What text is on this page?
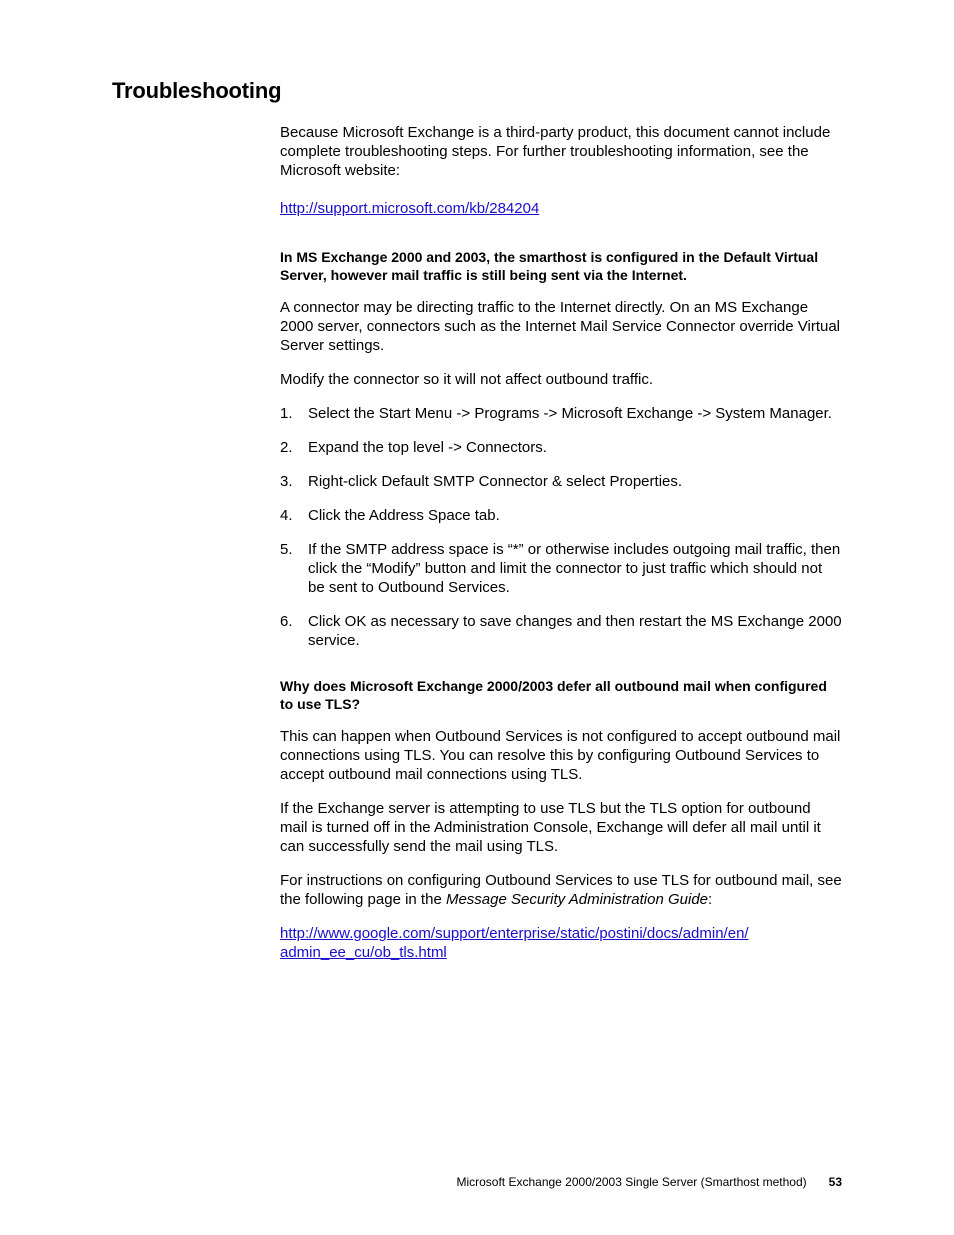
Troubleshooting

Because Microsoft Exchange is a third-party product, this document cannot include complete troubleshooting steps. For further troubleshooting information, see the Microsoft website:

http://support.microsoft.com/kb/284204

In MS Exchange 2000 and 2003, the smarthost is configured in the Default Virtual Server, however mail traffic is still being sent via the Internet.

A connector may be directing traffic to the Internet directly. On an MS Exchange 2000 server, connectors such as the Internet Mail Service Connector override Virtual Server settings.

Modify the connector so it will not affect outbound traffic.

1.	Select the Start Menu -> Programs -> Microsoft Exchange -> System Manager.
2.	Expand the top level -> Connectors.
3.	Right-click Default SMTP Connector & select Properties.
4.	Click the Address Space tab.
5.	If the SMTP address space is “*” or otherwise includes outgoing mail traffic, then click the “Modify” button and limit the connector to just traffic which should not be sent to Outbound Services.
6.	Click OK as necessary to save changes and then restart the MS Exchange 2000 service.

Why does Microsoft Exchange 2000/2003 defer all outbound mail when configured to use TLS?

This can happen when Outbound Services is not configured to accept outbound mail connections using TLS. You can resolve this by configuring Outbound Services to accept outbound mail connections using TLS.

If the Exchange server is attempting to use TLS but the TLS option for outbound mail is turned off in the Administration Console, Exchange will defer all mail until it can successfully send the mail using TLS.

For instructions on configuring Outbound Services to use TLS for outbound mail, see the following page in the Message Security Administration Guide:

http://www.google.com/support/enterprise/static/postini/docs/admin/en/
admin_ee_cu/ob_tls.html

Microsoft Exchange 2000/2003 Single Server (Smarthost method) 53
